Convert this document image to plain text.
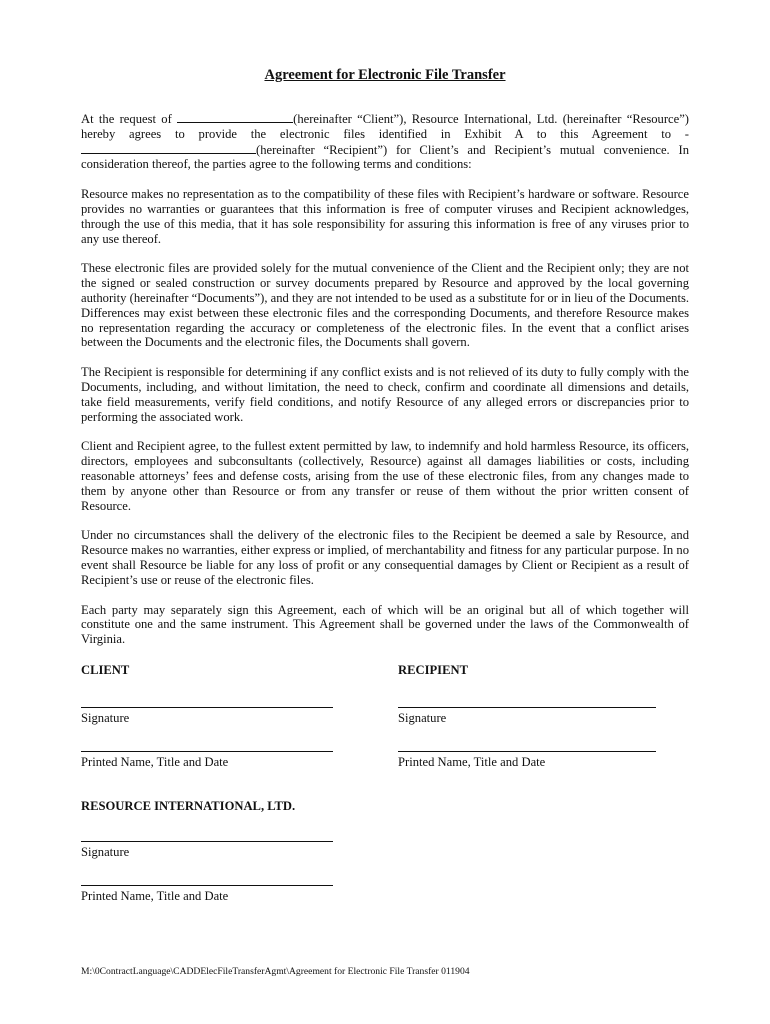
Agreement for Electronic File Transfer
At the request of	(hereinafter “Client”), Resource International, Ltd. (hereinafter “Resource”)
hereby agrees to provide the electronic files identified in Exhibit A to this Agreement to -
(hereinafter “Recipient”) for Client’s and Recipient’s mutual convenience. In
consideration thereof, the parties agree to the following terms and conditions:

Resource makes no representation as to the compatibility of these files with Recipient’s hardware or software. Resource provides no warranties or guarantees that this information is free of computer viruses and Recipient acknowledges, through the use of this media, that it has sole responsibility for assuring this information is free of any viruses prior to any use thereof.

These electronic files are provided solely for the mutual convenience of the Client and the Recipient only; they are not the signed or sealed construction or survey documents prepared by Resource and approved by the local governing authority (hereinafter “Documents”), and they are not intended to be used as a substitute for or in lieu of the Documents. Differences may exist between these electronic files and the corresponding Documents, and therefore Resource makes no representation regarding the accuracy or completeness of the electronic files. In the event that a conflict arises between the Documents and the electronic files, the Documents shall govern.

The Recipient is responsible for determining if any conflict exists and is not relieved of its duty to fully comply with the Documents, including, and without limitation, the need to check, confirm and coordinate all dimensions and details, take field measurements, verify field conditions, and notify Resource of any alleged errors or discrepancies prior to performing the associated work.

Client and Recipient agree, to the fullest extent permitted by law, to indemnify and hold harmless Resource, its officers, directors, employees and subconsultants (collectively, Resource) against all damages liabilities or costs, including reasonable attorneys’ fees and defense costs, arising from the use of these electronic files, from any changes made to them by anyone other than Resource or from any transfer or reuse of them without the prior written consent of Resource.

Under no circumstances shall the delivery of the electronic files to the Recipient be deemed a sale by Resource, and Resource makes no warranties, either express or implied, of merchantability and fitness for any particular purpose. In no event shall Resource be liable for any loss of profit or any consequential damages by Client or Recipient as a result of Recipient’s use or reuse of the electronic files.

Each party may separately sign this Agreement, each of which will be an original but all of which together will constitute one and the same instrument. This Agreement shall be governed under the laws of the Commonwealth of Virginia.

CLIENT	RECIPIENT
Signature	Signature
Printed Name, Title and Date	Printed Name, Title and Date
RESOURCE INTERNATIONAL, LTD.
Signature
Printed Name, Title and Date
M:\0ContractLanguage\CADDElecFileTransferAgmt\Agreement for Electronic File Transfer 011904
